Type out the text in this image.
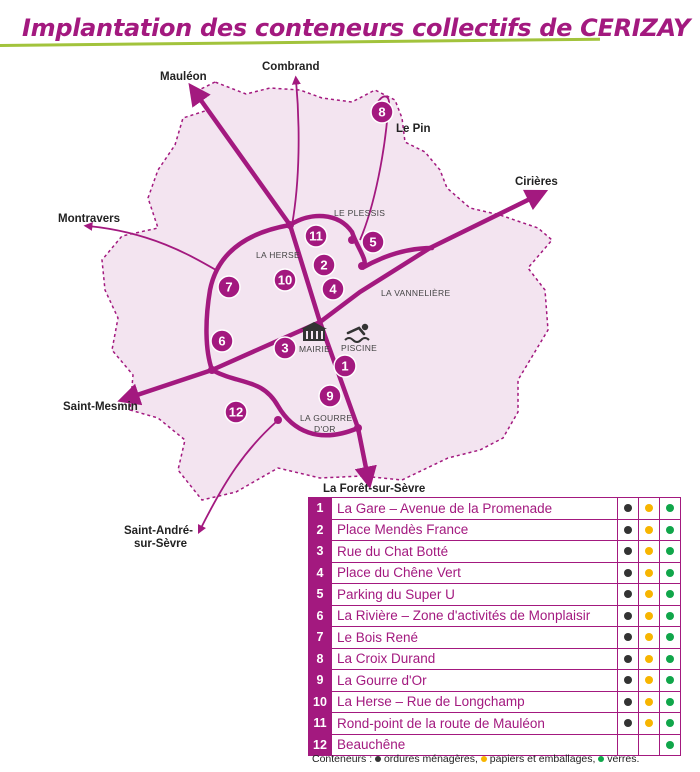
Implantation des conteneurs collectifs de CERIZAY
Mauléon
Combrand
Le Pin
Cirières
Montravers
Saint-Mesmin
La Forêt-sur-Sèvre
Saint-André-
sur-Sèvre
LE PLESSIS
LA HERSE
LA VANNELIÈRE
LA GOURRE
D'OR
MAIRIE PISCINE
1
2
3
4
5
6
7
8
9
10
11
12
1	La Gare – Avenue de la Promenade			
2	Place Mendès France			
3	Rue du Chat Botté			
4	Place du Chêne Vert			
5	Parking du Super U			
6	La Rivière – Zone d'activités de Monplaisir			
7	Le Bois René			
8	La Croix Durand			
9	La Gourre d'Or			
10	La Herse – Rue de Longchamp			
11	Rond-point de la route de Mauléon			
12	Beauchêne			
Conteneurs : ordures ménagères, papiers et emballages, verres.
